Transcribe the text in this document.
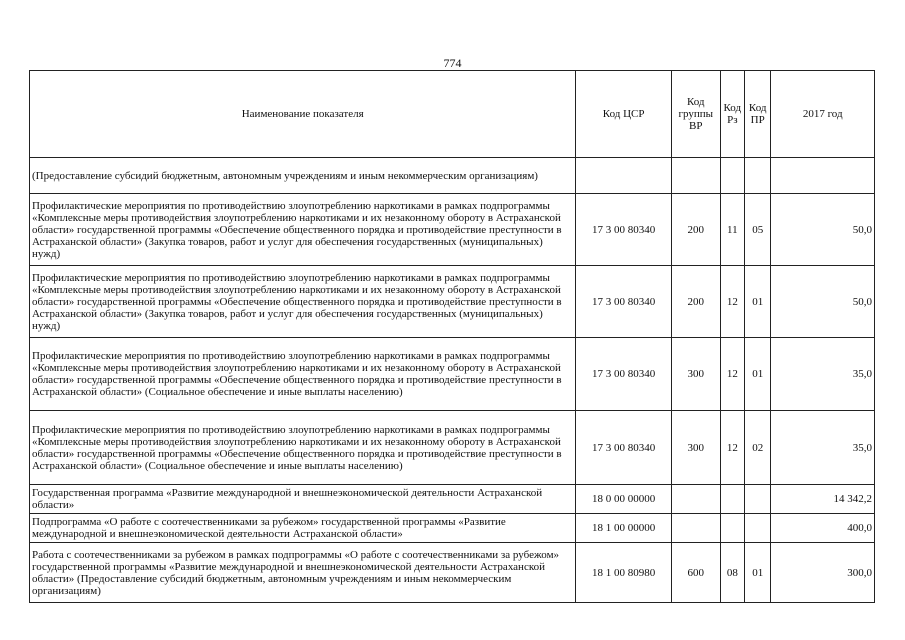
774
Наименование показателя	Код ЦСР	Код группы ВР	Код Рз	Код ПР	2017 год
(Предоставление субсидий бюджетным, автономным учреждениям и иным некоммерческим организациям)					
Профилактические мероприятия по противодействию злоупотреблению наркотиками в рамках подпрограммы «Комплексные меры противодействия злоупотреблению наркотиками и их незаконному обороту в Астраханской области» государственной программы «Обеспечение общественного порядка и противодействие преступности в Астраханской области» (Закупка товаров, работ и услуг для обеспечения государственных (муниципальных) нужд)	17 3 00 80340	200	11	05	50,0
Профилактические мероприятия по противодействию злоупотреблению наркотиками в рамках подпрограммы «Комплексные меры противодействия злоупотреблению наркотиками и их незаконному обороту в Астраханской области» государственной программы «Обеспечение общественного порядка и противодействие преступности в Астраханской области» (Закупка товаров, работ и услуг для обеспечения государственных (муниципальных) нужд)	17 3 00 80340	200	12	01	50,0
Профилактические мероприятия по противодействию злоупотреблению наркотиками в рамках подпрограммы «Комплексные меры противодействия злоупотреблению наркотиками и их незаконному обороту в Астраханской области» государственной программы «Обеспечение общественного порядка и противодействие преступности в Астраханской области» (Социальное обеспечение и иные выплаты населению)	17 3 00 80340	300	12	01	35,0
Профилактические мероприятия по противодействию злоупотреблению наркотиками в рамках подпрограммы «Комплексные меры противодействия злоупотреблению наркотиками и их незаконному обороту в Астраханской области» государственной программы «Обеспечение общественного порядка и противодействие преступности в Астраханской области» (Социальное обеспечение и иные выплаты населению)	17 3 00 80340	300	12	02	35,0
Государственная программа «Развитие международной и внешнеэкономической деятельности Астраханской области»	18 0 00 00000				14 342,2
Подпрограмма «О работе с соотечественниками за рубежом» государственной программы «Развитие международной и внешнеэкономической деятельности Астраханской области»	18 1 00 00000				400,0
Работа с соотечественниками за рубежом в рамках подпрограммы «О работе с соотечественниками за рубежом» государственной программы «Развитие международной и внешнеэкономической деятельности Астраханской области» (Предоставление субсидий бюджетным, автономным учреждениям и иным некоммерческим организациям)	18 1 00 80980	600	08	01	300,0
